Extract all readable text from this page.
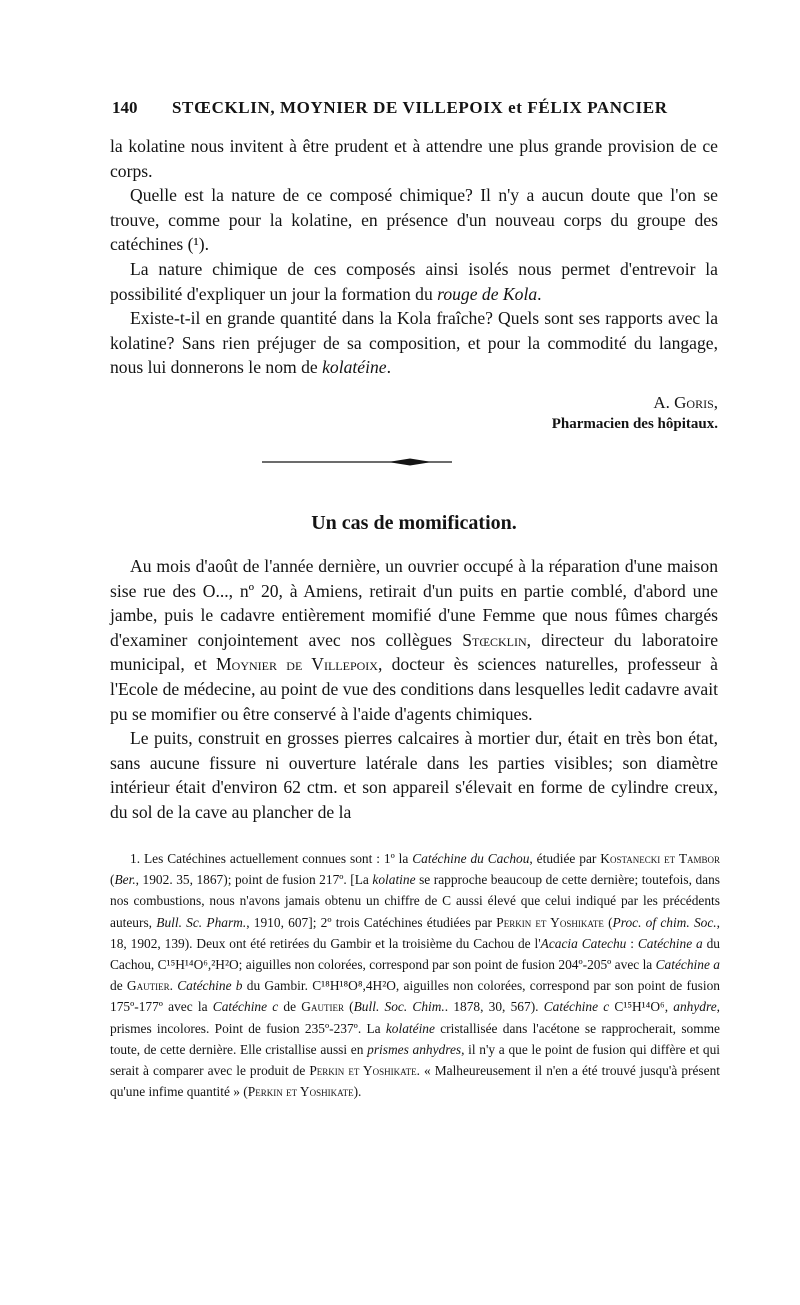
140 STŒCKLIN, MOYNIER DE VILLEPOIX et FÉLIX PANCIER

la kolatine nous invitent à être prudent et à attendre une plus grande provision de ce corps.

Quelle est la nature de ce composé chimique? Il n'y a aucun doute que l'on se trouve, comme pour la kolatine, en présence d'un nouveau corps du groupe des catéchines (¹).

La nature chimique de ces composés ainsi isolés nous permet d'entrevoir la possibilité d'expliquer un jour la formation du rouge de Kola.

Existe-t-il en grande quantité dans la Kola fraîche? Quels sont ses rapports avec la kolatine? Sans rien préjuger de sa composition, et pour la commodité du langage, nous lui donnerons le nom de kolatéine.

A. Goris,
Pharmacien des hôpitaux.
Un cas de momification.

Au mois d'août de l'année dernière, un ouvrier occupé à la réparation d'une maison sise rue des O..., nº 20, à Amiens, retirait d'un puits en partie comblé, d'abord une jambe, puis le cadavre entièrement momifié d'une Femme que nous fûmes chargés d'examiner conjointement avec nos collègues Stœcklin, directeur du laboratoire municipal, et Moynier de Villepoix, docteur ès sciences naturelles, professeur à l'Ecole de médecine, au point de vue des conditions dans lesquelles ledit cadavre avait pu se momifier ou être conservé à l'aide d'agents chimiques.

Le puits, construit en grosses pierres calcaires à mortier dur, était en très bon état, sans aucune fissure ni ouverture latérale dans les parties visibles; son diamètre intérieur était d'environ 62 ctm. et son appareil s'élevait en forme de cylindre creux, du sol de la cave au plancher de la

1. Les Catéchines actuellement connues sont : 1º la Catéchine du Cachou, étudiée par Kostanecki et Tambor (Ber., 1902. 35, 1867); point de fusion 217º. [La kolatine se rapproche beaucoup de cette dernière; toutefois, dans nos combustions, nous n'avons jamais obtenu un chiffre de C aussi élevé que celui indiqué par les précédents auteurs, Bull. Sc. Pharm., 1910, 607]; 2º trois Catéchines étudiées par Perkin et Yoshikate (Proc. of chim. Soc., 18, 1902, 139). Deux ont été retirées du Gambir et la troisième du Cachou de l'Acacia Catechu : Catéchine a du Cachou, C¹⁵H¹⁴O⁶,²H²O; aiguilles non colorées, correspond par son point de fusion 204º-205º avec la Catéchine a de Gautier. Catéchine b du Gambir. C¹⁸H¹⁸O⁸,4H²O, aiguilles non colorées, correspond par son point de fusion 175º-177º avec la Catéchine c de Gautier (Bull. Soc. Chim.. 1878, 30, 567). Catéchine c C¹⁵H¹⁴O⁶, anhydre, prismes incolores. Point de fusion 235º-237º. La kolatéine cristallisée dans l'acétone se rapprocherait, somme toute, de cette dernière. Elle cristallise aussi en prismes anhydres, il n'y a que le point de fusion qui diffère et qui serait à comparer avec le produit de Perkin et Yoshikate. « Malheureusement il n'en a été trouvé jusqu'à présent qu'une infime quantité » (Perkin et Yoshikate).
